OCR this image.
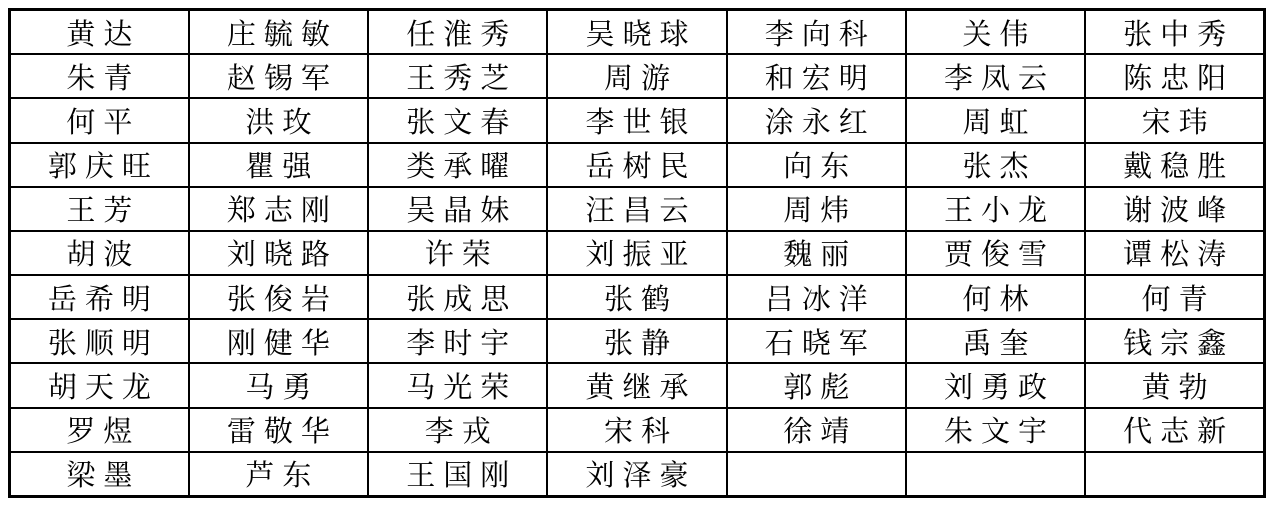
黄达	庄毓敏	任淮秀	吴晓球	李向科	关伟	张中秀
朱青	赵锡军	王秀芝	周游	和宏明	李凤云	陈忠阳
何平	洪玫	张文春	李世银	涂永红	周虹	宋玮
郭庆旺	瞿强	类承曜	岳树民	向东	张杰	戴稳胜
王芳	郑志刚	吴晶妹	汪昌云	周炜	王小龙	谢波峰
胡波	刘晓路	许荣	刘振亚	魏丽	贾俊雪	谭松涛
岳希明	张俊岩	张成思	张鹤	吕冰洋	何林	何青
张顺明	刚健华	李时宇	张静	石晓军	禹奎	钱宗鑫
胡天龙	马勇	马光荣	黄继承	郭彪	刘勇政	黄勃
罗煜	雷敬华	李戎	宋科	徐靖	朱文宇	代志新
梁墨	芦东	王国刚	刘泽豪			
